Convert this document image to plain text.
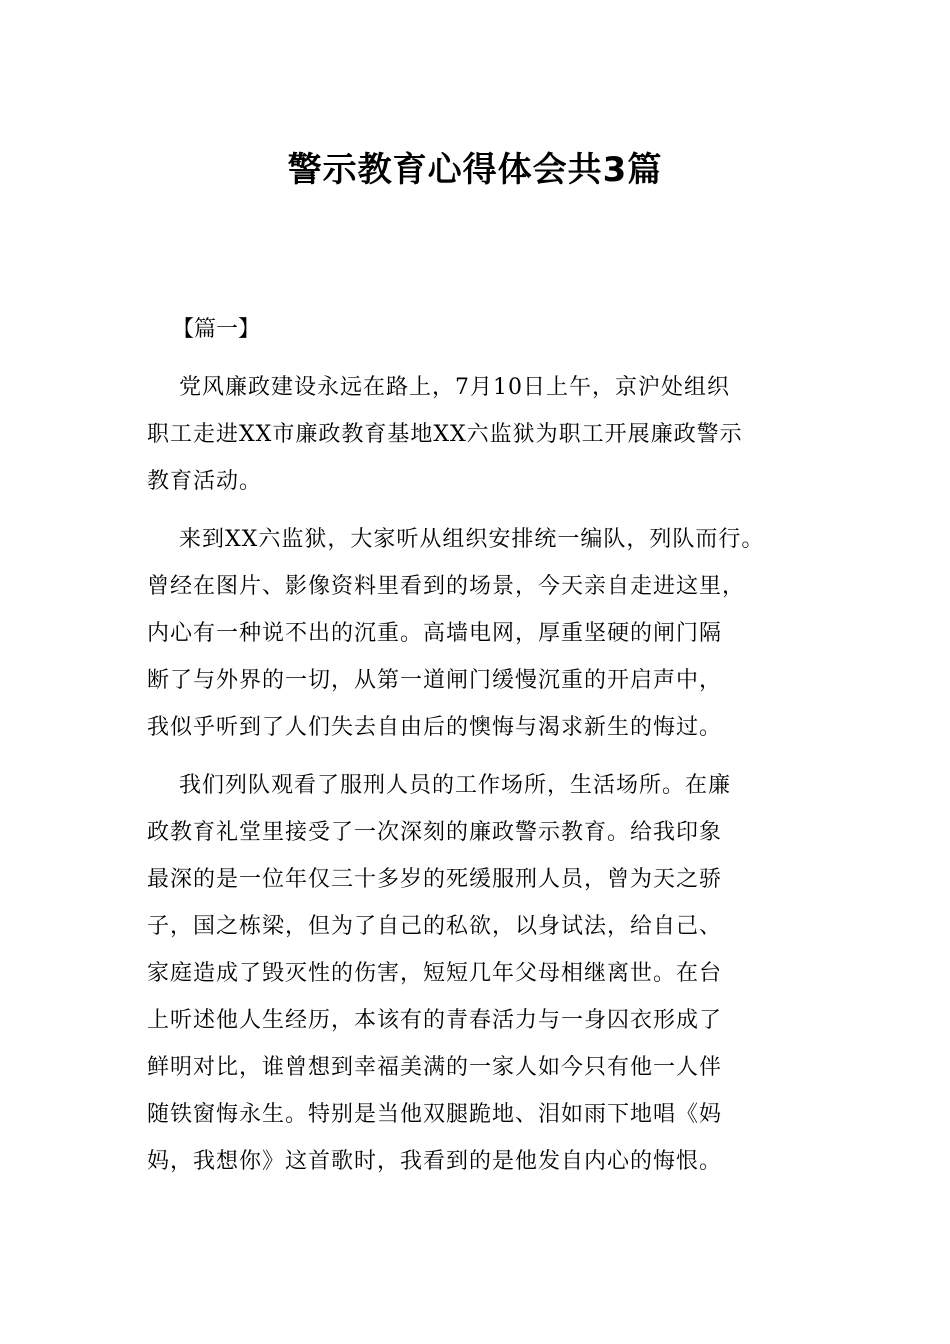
警示教育心得体会共3篇

【篇一】

党风廉政建设永远在路上，7月10日上午，京沪处组织
职工走进XX市廉政教育基地XX六监狱为职工开展廉政警示
教育活动。
来到XX六监狱，大家听从组织安排统一编队，列队而行。
曾经在图片、影像资料里看到的场景，今天亲自走进这里，
内心有一种说不出的沉重。高墙电网，厚重坚硬的闸门隔
断了与外界的一切，从第一道闸门缓慢沉重的开启声中，
我似乎听到了人们失去自由后的懊悔与渴求新生的悔过。
我们列队观看了服刑人员的工作场所，生活场所。在廉
政教育礼堂里接受了一次深刻的廉政警示教育。给我印象
最深的是一位年仅三十多岁的死缓服刑人员，曾为天之骄
子，国之栋梁，但为了自己的私欲，以身试法，给自己、
家庭造成了毁灭性的伤害，短短几年父母相继离世。在台
上听述他人生经历，本该有的青春活力与一身囚衣形成了
鲜明对比，谁曾想到幸福美满的一家人如今只有他一人伴
随铁窗悔永生。特别是当他双腿跪地、泪如雨下地唱《妈
妈，我想你》这首歌时，我看到的是他发自内心的悔恨。
